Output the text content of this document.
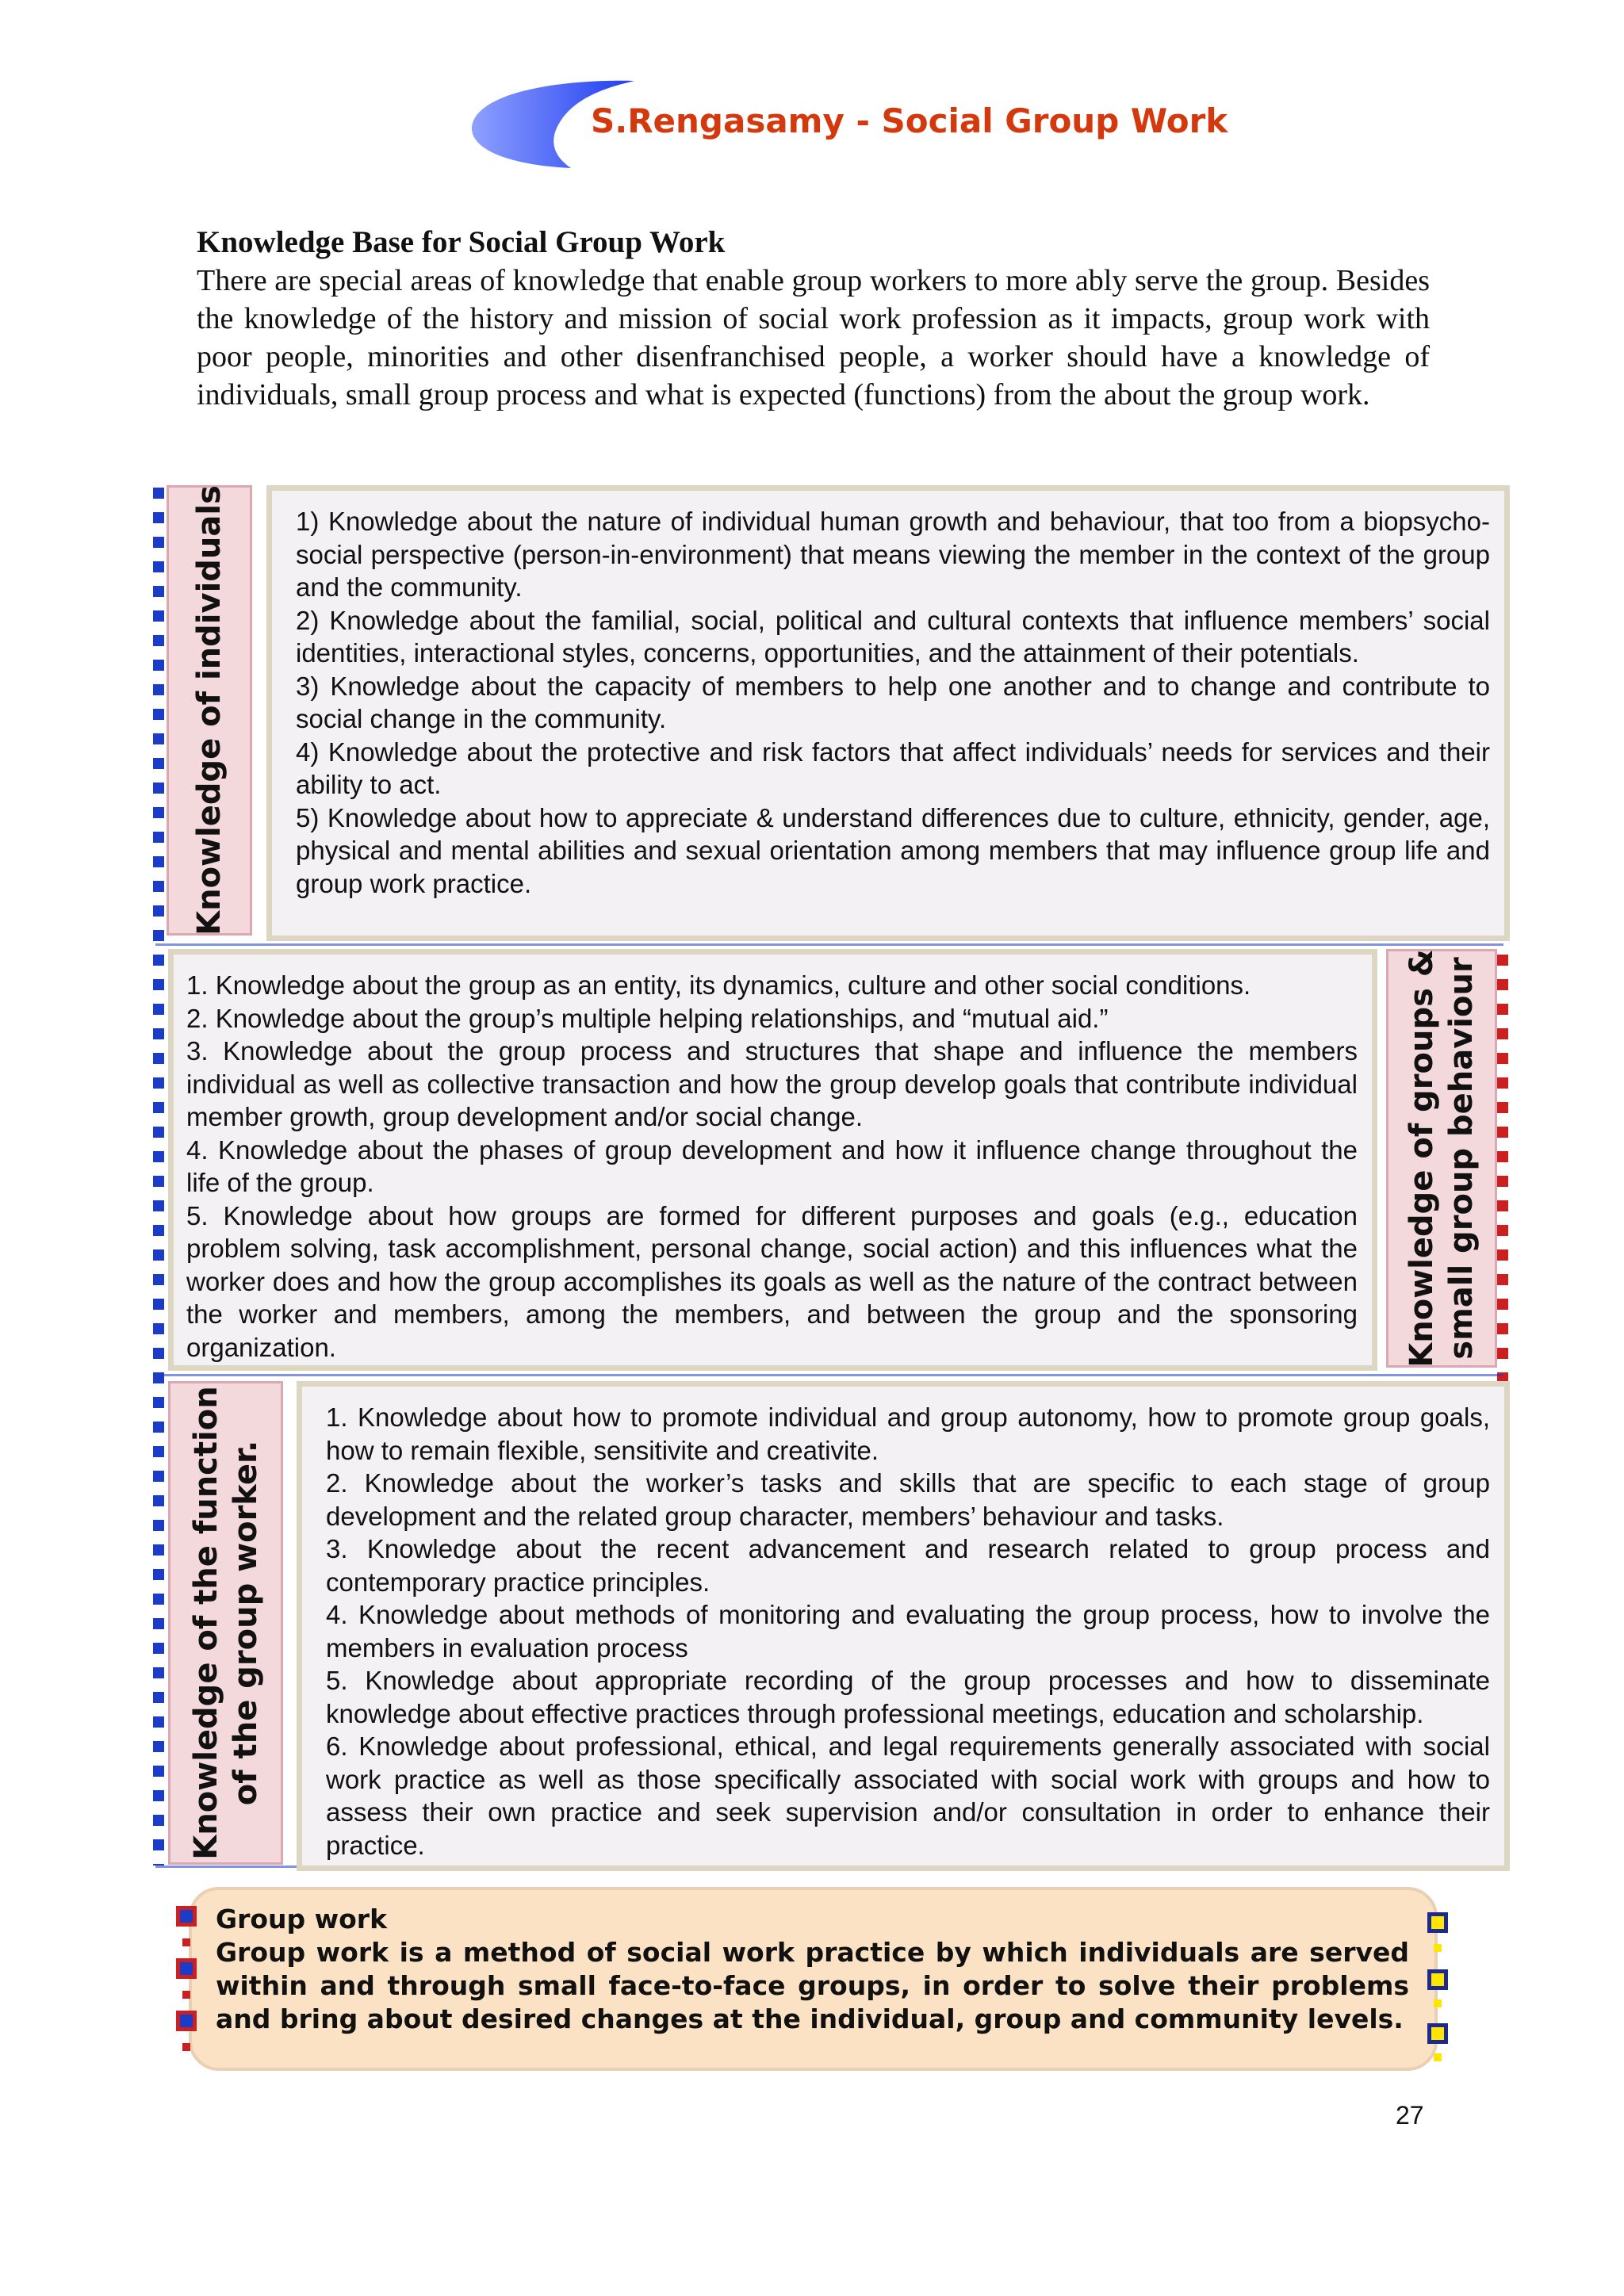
S.Rengasamy - Social Group Work
Knowledge Base for Social Group Work
There are special areas of knowledge that enable group workers to more ably serve the group. Besides the knowledge of the history and mission of social work profession as it impacts, group work with poor people, minorities and other disenfranchised people, a worker should have a knowledge of individuals, small group process and what is expected (functions) from the about the group work.
Knowledge of individuals	1) Knowledge about the nature of individual human growth and behaviour, that too from a biopsycho-social perspective (person-in-environment) that means viewing the member in the context of the group and the community.

2) Knowledge about the familial, social, political and cultural contexts that influence members’ social identities, interactional styles, concerns, opportunities, and the attainment of their potentials.

3) Knowledge about the capacity of members to help one another and to change and contribute to social change in the community.

4) Knowledge about the protective and risk factors that affect individuals’ needs for services and their ability to act.

5) Knowledge about how to appreciate & understand differences due to culture, ethnicity, gender, age, physical and mental abilities and sexual orientation among members that may influence group life and group work practice.

1. Knowledge about the group as an entity, its dynamics, culture and other social conditions.

2. Knowledge about the group’s multiple helping relationships, and “mutual aid.”

3. Knowledge about the group process and structures that shape and influence the members individual as well as collective transaction and how the group develop goals that contribute individual member growth, group development and/or social change.

4. Knowledge about the phases of group development and how it influence change throughout the life of the group.

5. Knowledge about how groups are formed for different purposes and goals (e.g., education problem solving, task accomplishment, personal change, social action) and this influences what the worker does and how the group accomplishes its goals as well as the nature of the contract between the worker and members, among the members, and between the group and the sponsoring organization.	Knowledge of groups & small group behaviour
Knowledge of the function of the group worker.

1. Knowledge about how to promote individual and group autonomy, how to promote group goals, how to remain flexible, sensitivite and creativite.

2. Knowledge about the worker’s tasks and skills that are specific to each stage of group development and the related group character, members’ behaviour and tasks.

3. Knowledge about the recent advancement and research related to group process and contemporary practice principles.

4. Knowledge about methods of monitoring and evaluating the group process, how to involve the members in evaluation process

5. Knowledge about appropriate recording of the group processes and how to disseminate knowledge about effective practices through professional meetings, education and scholarship.

6. Knowledge about professional, ethical, and legal requirements generally associated with social work practice as well as those specifically associated with social work with groups and how to assess their own practice and seek supervision and/or consultation in order to enhance their practice.

Group work
Group work is a method of social work practice by which individuals are served within and through small face-to-face groups, in order to solve their problems and bring about desired changes at the individual, group and community levels.
27
